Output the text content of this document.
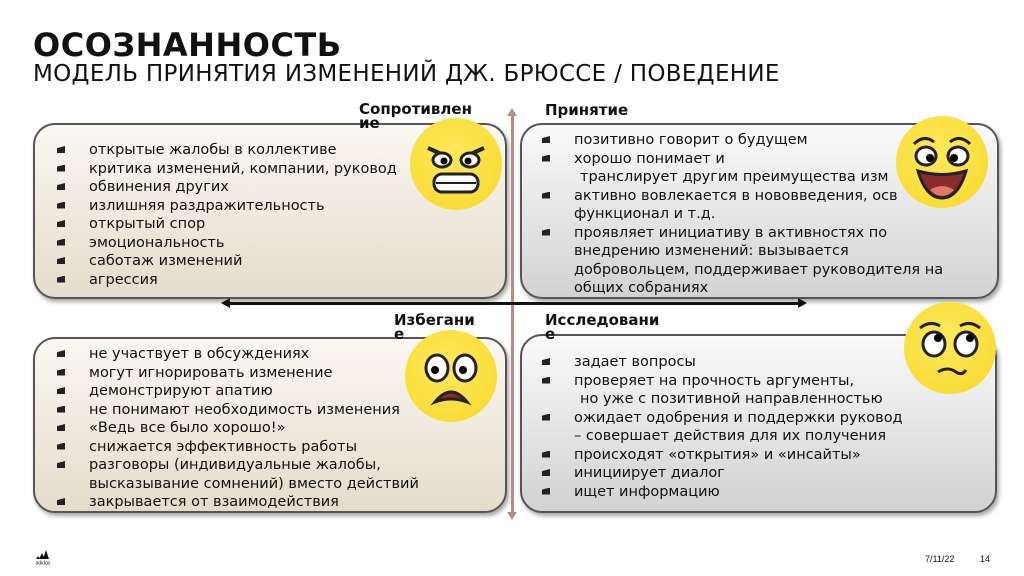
ОСОЗНАННОСТЬ
МОДЕЛЬ ПРИНЯТИЯ ИЗМЕНЕНИЙ ДЖ. БРЮССЕ / ПОВЕДЕНИЕ
открытые жалобы в коллективе
критика изменений, компании, руковод
обвинения других
излишняя раздражительность
открытый спор
эмоциональность
саботаж изменений
агрессия
Сопротивлен
ие
позитивно говорит о будущем
хорошо понимает и
транслирует другим преимущества изм
активно вовлекается в нововведения, осв
функционал и т.д.
проявляет инициативу в активностях по
внедрению изменений: вызывается
добровольцем, поддерживает руководителя на
общих собраниях
Принятие
не участвует в обсуждениях
могут игнорировать изменение
демонстрируют апатию
не понимают необходимость изменения
«Ведь все было хорошо!»
снижается эффективность работы
разговоры (индивидуальные жалобы,
высказывание сомнений) вместо действий
закрывается от взаимодействия
Избегани
е
задает вопросы
проверяет на прочность аргументы,
но уже с позитивной направленностью
ожидает одобрения и поддержки руковод
– совершает действия для их получения
происходят «открытия» и «инсайты»
инициирует диалог
ищет информацию
Исследовани
е
adidas	7/11/22	14
